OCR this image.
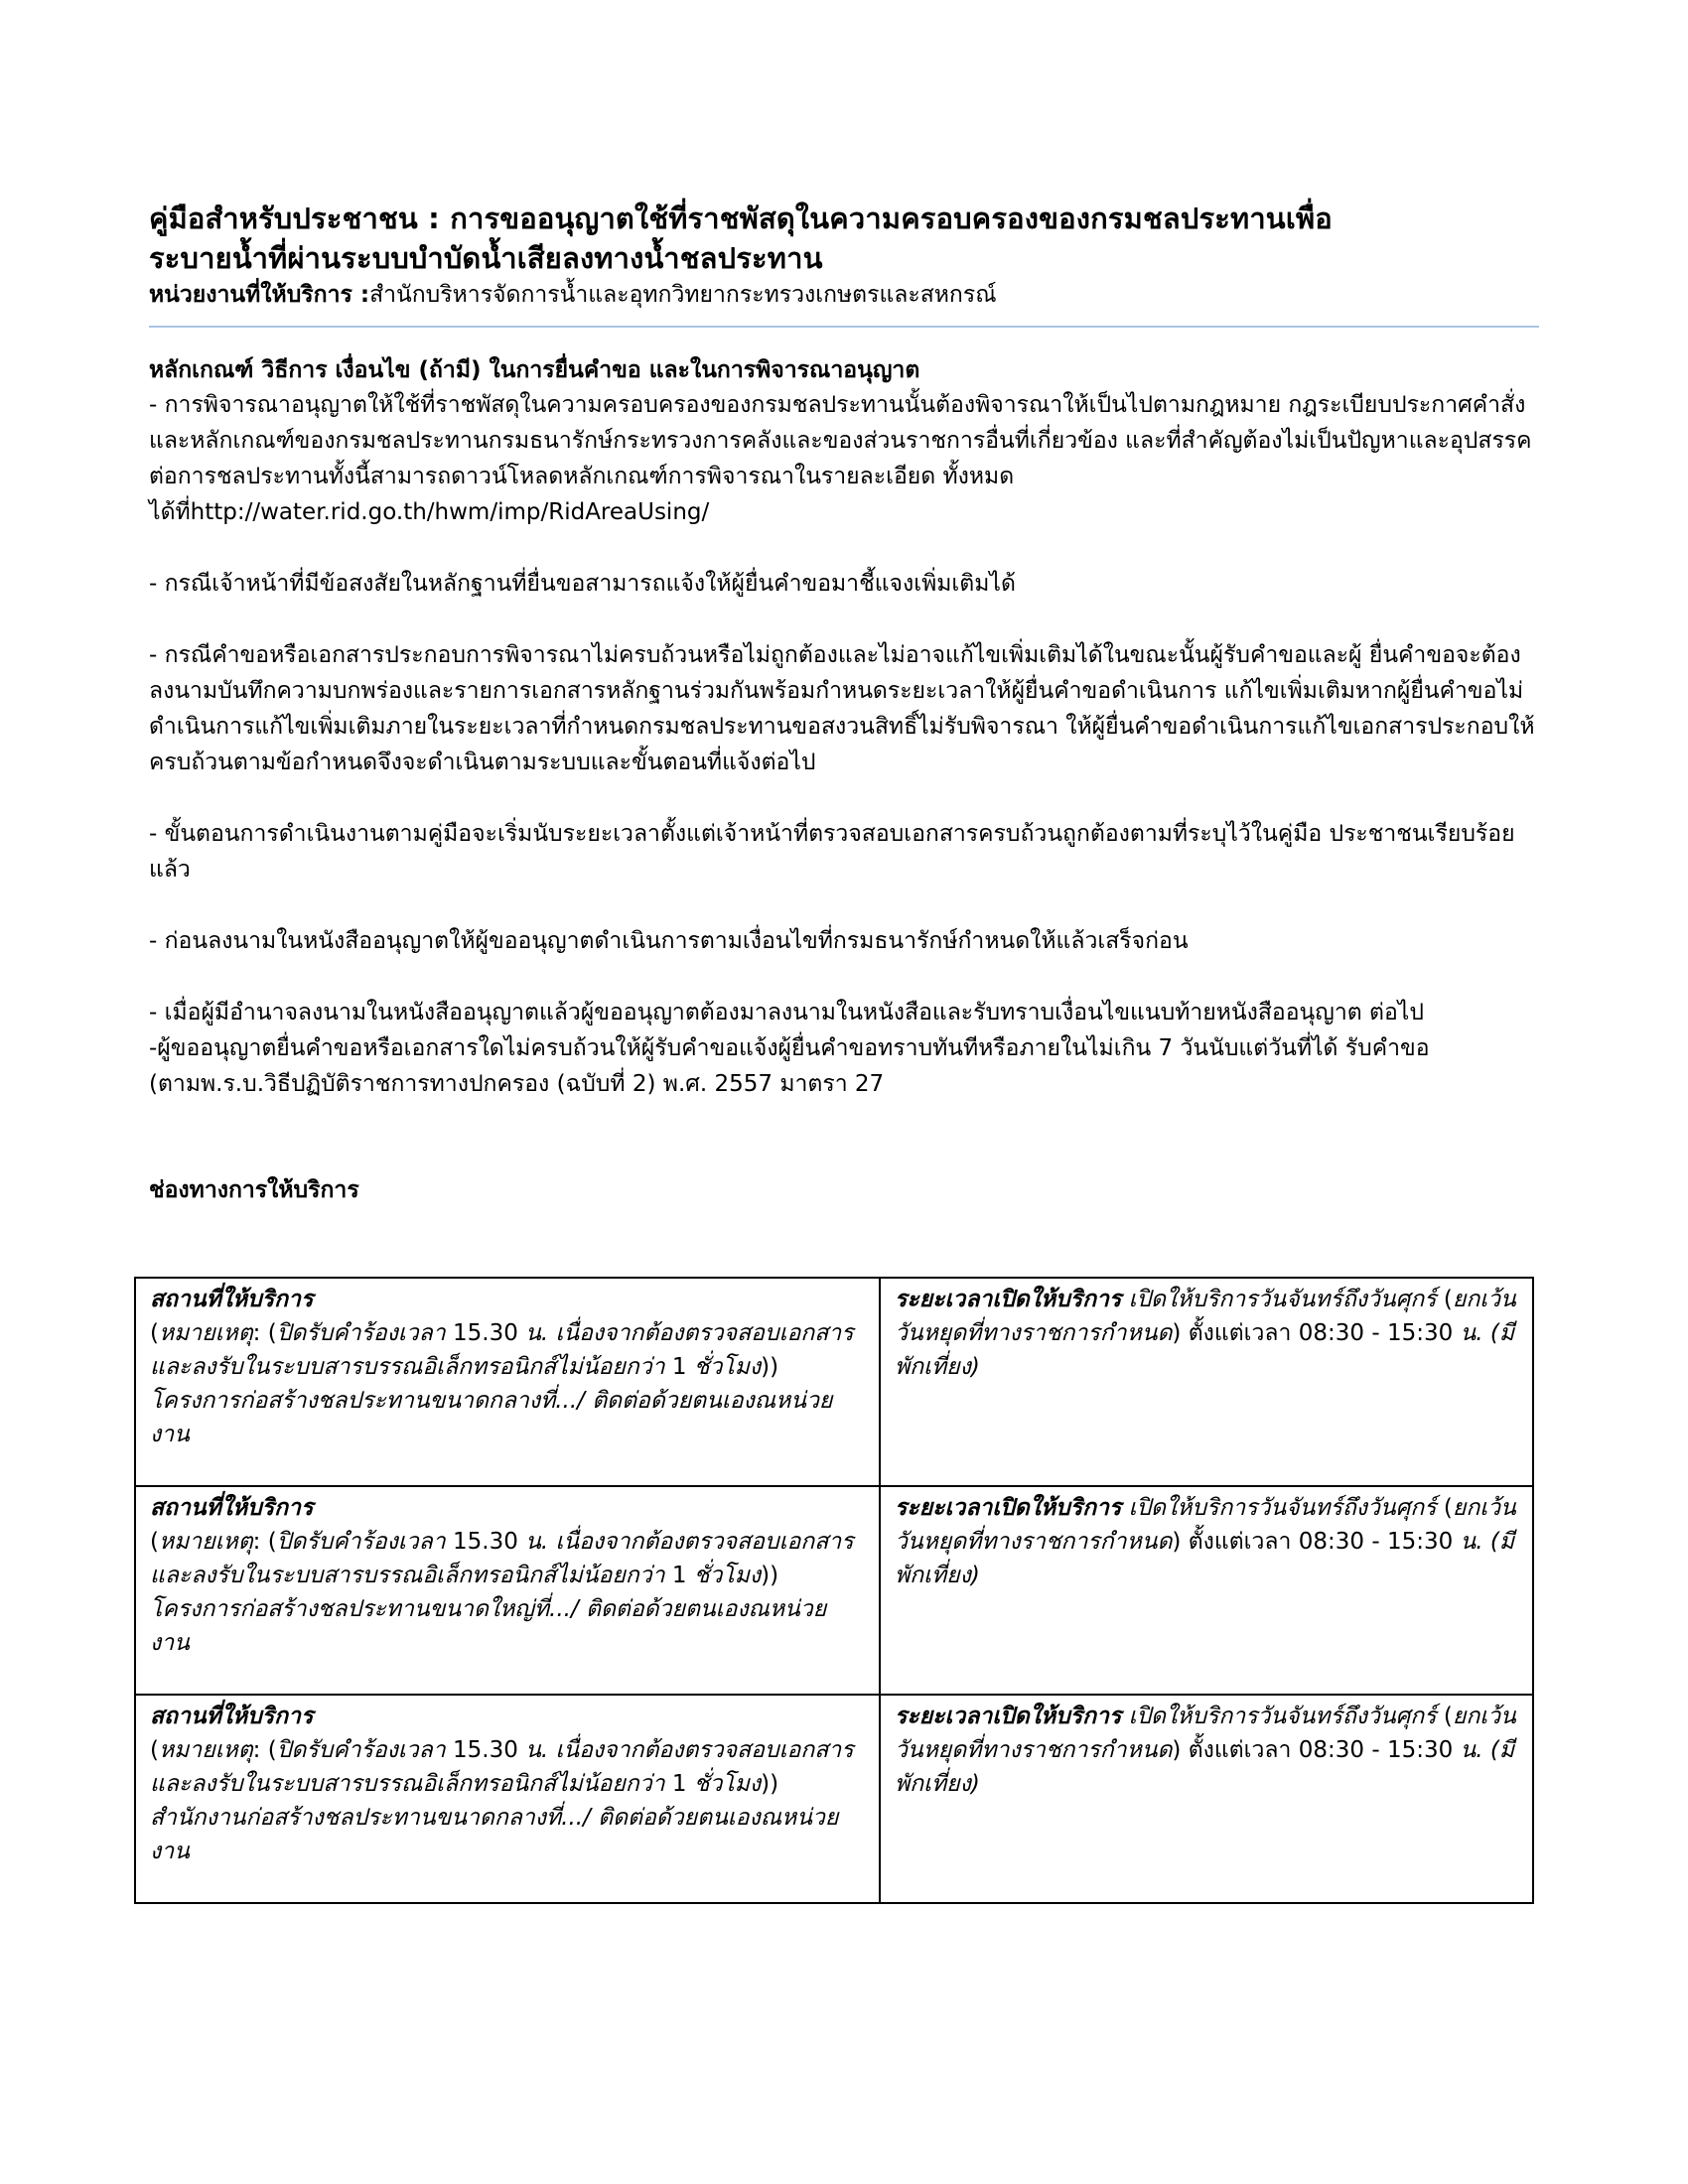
คู่มือสำหรับประชาชน : การขออนุญาตใช้ที่ราชพัสดุในความครอบครองของกรมชลประทานเพื่อ
ระบายน้ำที่ผ่านระบบบำบัดน้ำเสียลงทางน้ำชลประทาน

หน่วยงานที่ให้บริการ :สำนักบริหารจัดการน้ำและอุทกวิทยากระทรวงเกษตรและสหกรณ์

หลักเกณฑ์ วิธีการ เงื่อนไข (ถ้ามี) ในการยื่นคำขอ และในการพิจารณาอนุญาต

- การพิจารณาอนุญาตให้ใช้ที่ราชพัสดุในความครอบครองของกรมชลประทานนั้นต้องพิจารณาให้เป็นไปตามกฎหมาย กฎระเบียบประกาศคำสั่งและหลักเกณฑ์ของกรมชลประทานกรมธนารักษ์กระทรวงการคลังและของส่วนราชการอื่นที่เกี่ยวข้อง และที่สำคัญต้องไม่เป็นปัญหาและอุปสรรคต่อการชลประทานทั้งนี้สามารถดาวน์โหลดหลักเกณฑ์การพิจารณาในรายละเอียด ทั้งหมดได้ที่http://water.rid.go.th/hwm/imp/RidAreaUsing/

- กรณีเจ้าหน้าที่มีข้อสงสัยในหลักฐานที่ยื่นขอสามารถแจ้งให้ผู้ยื่นคำขอมาชี้แจงเพิ่มเติมได้

- กรณีคำขอหรือเอกสารประกอบการพิจารณาไม่ครบถ้วนหรือไม่ถูกต้องและไม่อาจแก้ไขเพิ่มเติมได้ในขณะนั้นผู้รับคำขอและผู้ ยื่นคำขอจะต้องลงนามบันทึกความบกพร่องและรายการเอกสารหลักฐานร่วมกันพร้อมกำหนดระยะเวลาให้ผู้ยื่นคำขอดำเนินการ แก้ไขเพิ่มเติมหากผู้ยื่นคำขอไม่ดำเนินการแก้ไขเพิ่มเติมภายในระยะเวลาที่กำหนดกรมชลประทานขอสงวนสิทธิ์ไม่รับพิจารณา ให้ผู้ยื่นคำขอดำเนินการแก้ไขเอกสารประกอบให้ครบถ้วนตามข้อกำหนดจึงจะดำเนินตามระบบและขั้นตอนที่แจ้งต่อไป

- ขั้นตอนการดำเนินงานตามคู่มือจะเริ่มนับระยะเวลาตั้งแต่เจ้าหน้าที่ตรวจสอบเอกสารครบถ้วนถูกต้องตามที่ระบุไว้ในคู่มือ ประชาชนเรียบร้อยแล้ว

- ก่อนลงนามในหนังสืออนุญาตให้ผู้ขออนุญาตดำเนินการตามเงื่อนไขที่กรมธนารักษ์กำหนดให้แล้วเสร็จก่อน

- เมื่อผู้มีอำนาจลงนามในหนังสืออนุญาตแล้วผู้ขออนุญาตต้องมาลงนามในหนังสือและรับทราบเงื่อนไขแนบท้ายหนังสืออนุญาต ต่อไป

-ผู้ขออนุญาตยื่นคำขอหรือเอกสารใดไม่ครบถ้วนให้ผู้รับคำขอแจ้งผู้ยื่นคำขอทราบทันทีหรือภายในไม่เกิน 7 วันนับแต่วันที่ได้ รับคำขอ (ตามพ.ร.บ.วิธีปฏิบัติราชการทางปกครอง (ฉบับที่ 2) พ.ศ. 2557 มาตรา 27

ช่องทางการให้บริการ

สถานที่ให้บริการ
(หมายเหตุ: (ปิดรับคำร้องเวลา 15.30 น. เนื่องจากต้องตรวจสอบเอกสารและลงรับในระบบสารบรรณอิเล็กทรอนิกส์ไม่น้อยกว่า 1 ชั่วโมง))
โครงการก่อสร้างชลประทานขนาดกลางที่.../ ติดต่อด้วยตนเองณหน่วยงาน	ระยะเวลาเปิดให้บริการ เปิดให้บริการวันจันทร์ถึงวันศุกร์ (ยกเว้นวันหยุดที่ทางราชการกำหนด) ตั้งแต่เวลา 08:30 - 15:30 น. (มีพักเที่ยง)
สถานที่ให้บริการ
(หมายเหตุ: (ปิดรับคำร้องเวลา 15.30 น. เนื่องจากต้องตรวจสอบเอกสารและลงรับในระบบสารบรรณอิเล็กทรอนิกส์ไม่น้อยกว่า 1 ชั่วโมง))
โครงการก่อสร้างชลประทานขนาดใหญ่ที่.../ ติดต่อด้วยตนเองณหน่วยงาน	ระยะเวลาเปิดให้บริการ เปิดให้บริการวันจันทร์ถึงวันศุกร์ (ยกเว้นวันหยุดที่ทางราชการกำหนด) ตั้งแต่เวลา 08:30 - 15:30 น. (มีพักเที่ยง)
สถานที่ให้บริการ
(หมายเหตุ: (ปิดรับคำร้องเวลา 15.30 น. เนื่องจากต้องตรวจสอบเอกสารและลงรับในระบบสารบรรณอิเล็กทรอนิกส์ไม่น้อยกว่า 1 ชั่วโมง))
สำนักงานก่อสร้างชลประทานขนาดกลางที่.../ ติดต่อด้วยตนเองณหน่วยงาน	ระยะเวลาเปิดให้บริการ เปิดให้บริการวันจันทร์ถึงวันศุกร์ (ยกเว้นวันหยุดที่ทางราชการกำหนด) ตั้งแต่เวลา 08:30 - 15:30 น. (มีพักเที่ยง)
